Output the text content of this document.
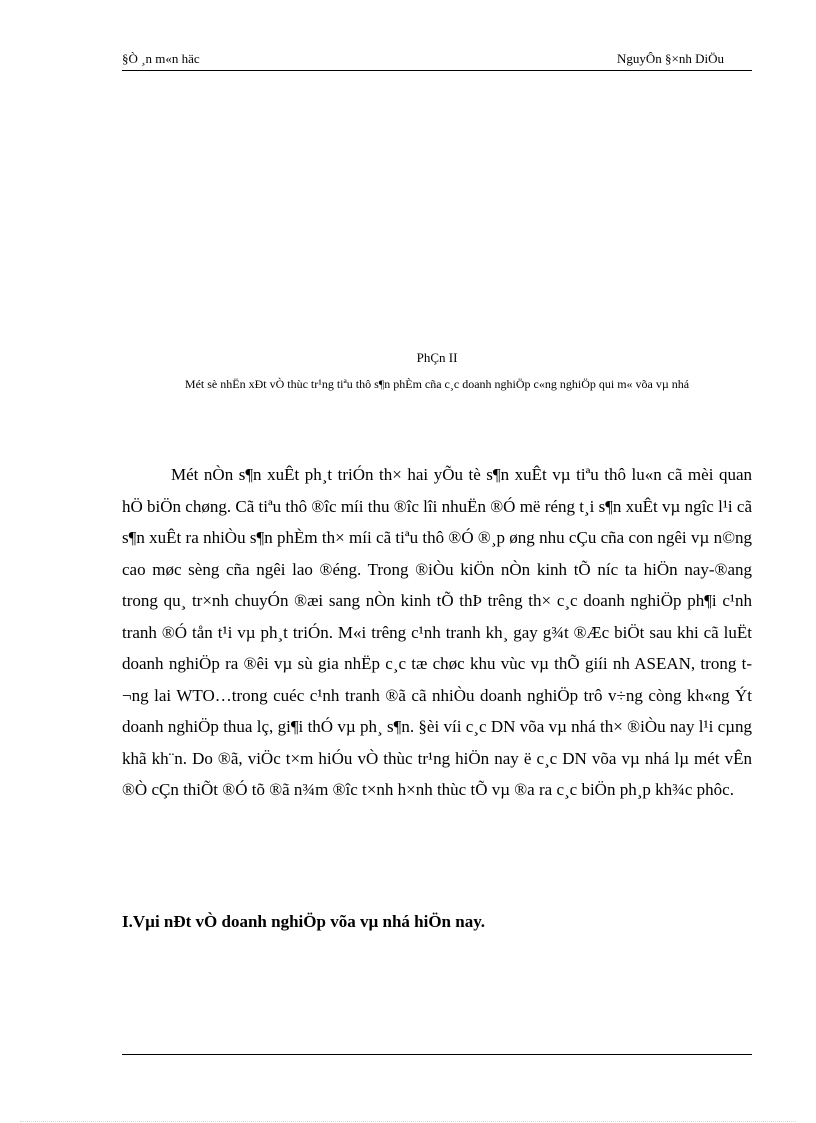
§Ò ¸n m«n häc	NguyÔn §×nh DiÖu
PhÇn II
Mét sè nhËn xÐt vÒ thùc tr¹ng tiªu thô s¶n phÈm cña c¸c doanh nghiÖp c«ng nghiÖp qui m« võa vµ nhá

Mét nÒn s¶n xuÊt ph¸t triÓn th× hai yÕu tè s¶n xuÊt vµ tiªu thô lu«n cã mèi quan hÖ biÖn chøng. Cã tiªu thô ®îc míi thu ®îc lîi nhuËn ®Ó më réng t¸i s¶n xuÊt vµ ngîc l¹i cã s¶n xuÊt ra nhiÒu s¶n phÈm th× míi cã tiªu thô ®Ó ®¸p øng nhu cÇu cña con ngêi vµ n©ng cao møc sèng cña ngêi lao ®éng. Trong ®iÒu kiÖn nÒn kinh tÕ níc ta hiÖn nay-®ang trong qu¸ tr×nh chuyÓn ®æi sang nÒn kinh tÕ thÞ trêng th× c¸c doanh nghiÖp ph¶i c¹nh tranh ®Ó tån t¹i vµ ph¸t triÓn. M«i trêng c¹nh tranh kh¸ gay g¾t ®Æc biÖt sau khi cã luËt doanh nghiÖp ra ®êi vµ sù gia nhËp c¸c tæ chøc khu vùc vµ thÕ giíi nh ASEAN, trong t¬ng lai WTO…trong cuéc c¹nh tranh ®ã cã nhiÒu doanh nghiÖp trô v÷ng còng kh«ng Ýt doanh nghiÖp thua lç, gi¶i thÓ vµ ph¸ s¶n. §èi víi c¸c DN võa vµ nhá th× ®iÒu nay l¹i cµng khã kh¨n. Do ®ã, viÖc t×m hiÓu vÒ thùc tr¹ng hiÖn nay ë c¸c DN võa vµ nhá lµ mét vÊn ®Ò cÇn thiÕt ®Ó tõ ®ã n¾m ®îc t×nh h×nh thùc tÕ vµ ®a ra c¸c biÖn ph¸p kh¾c phôc.

I.Vµi nÐt vÒ doanh nghiÖp võa vµ nhá hiÖn nay.
